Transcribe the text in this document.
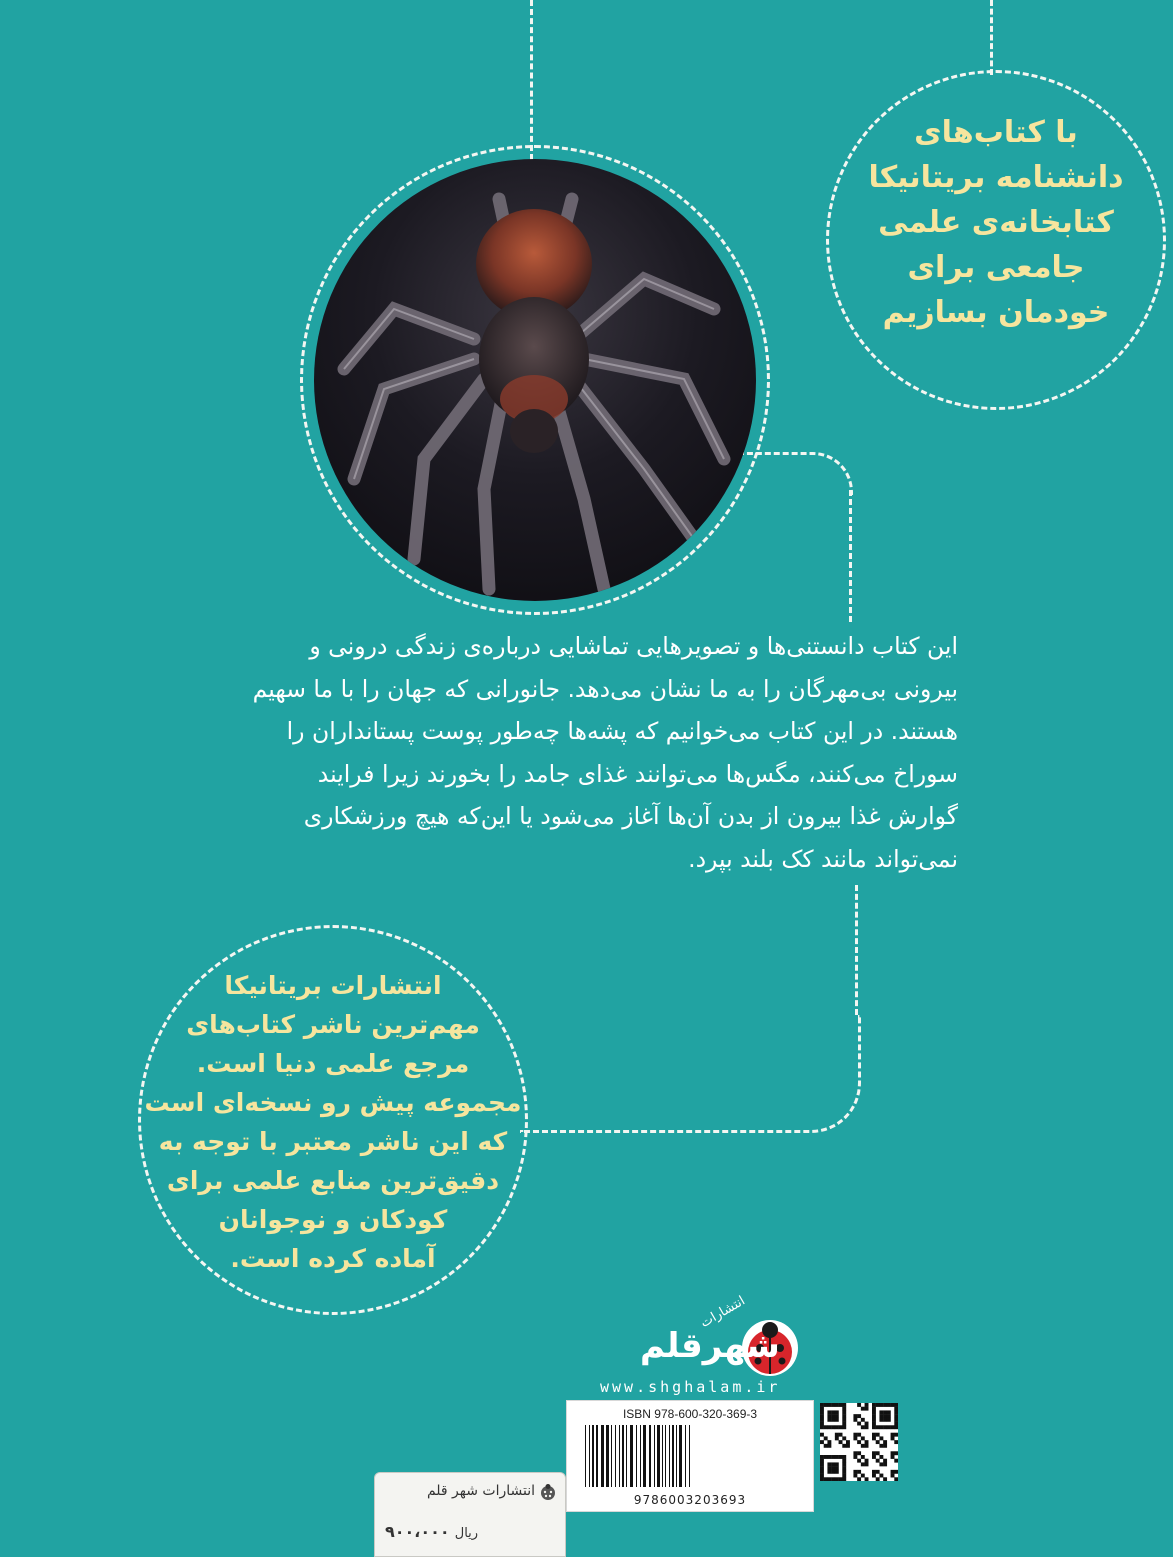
با کتاب‌های
دانشنامه بریتانیکا
کتابخانه‌ی علمی
جامعی برای
خودمان بسازیم
این کتاب دانستنی‌ها و تصویرهایی تماشایی درباره‌ی زندگی درونی و
بیرونی بی‌مهرگان را به ما نشان می‌دهد. جانورانی که جهان را با ما سهیم
هستند. در این کتاب می‌خوانیم که پشه‌ها چه‌طور پوست پستانداران را
سوراخ می‌کنند، مگس‌ها می‌توانند غذای جامد را بخورند زیرا فرایند
گوارش غذا بیرون از بدن آن‌ها آغاز می‌شود یا این‌که هیچ ورزشکاری
نمی‌تواند مانند کک بلند بپرد.
انتشارات بریتانیکا
مهم‌ترین ناشر کتاب‌های
مرجع علمی دنیا است.
مجموعه پیش رو نسخه‌ای است
که این ناشر معتبر با توجه به
دقیق‌ترین منابع علمی برای
کودکان و نوجوانان
آماده کرده است.
انتشارات
شهرقلم
www.shghalam.ir
ISBN 978-600-320-369-3
9786003203693
انتشارات شهر قلم
ریال ۹۰۰،۰۰۰
